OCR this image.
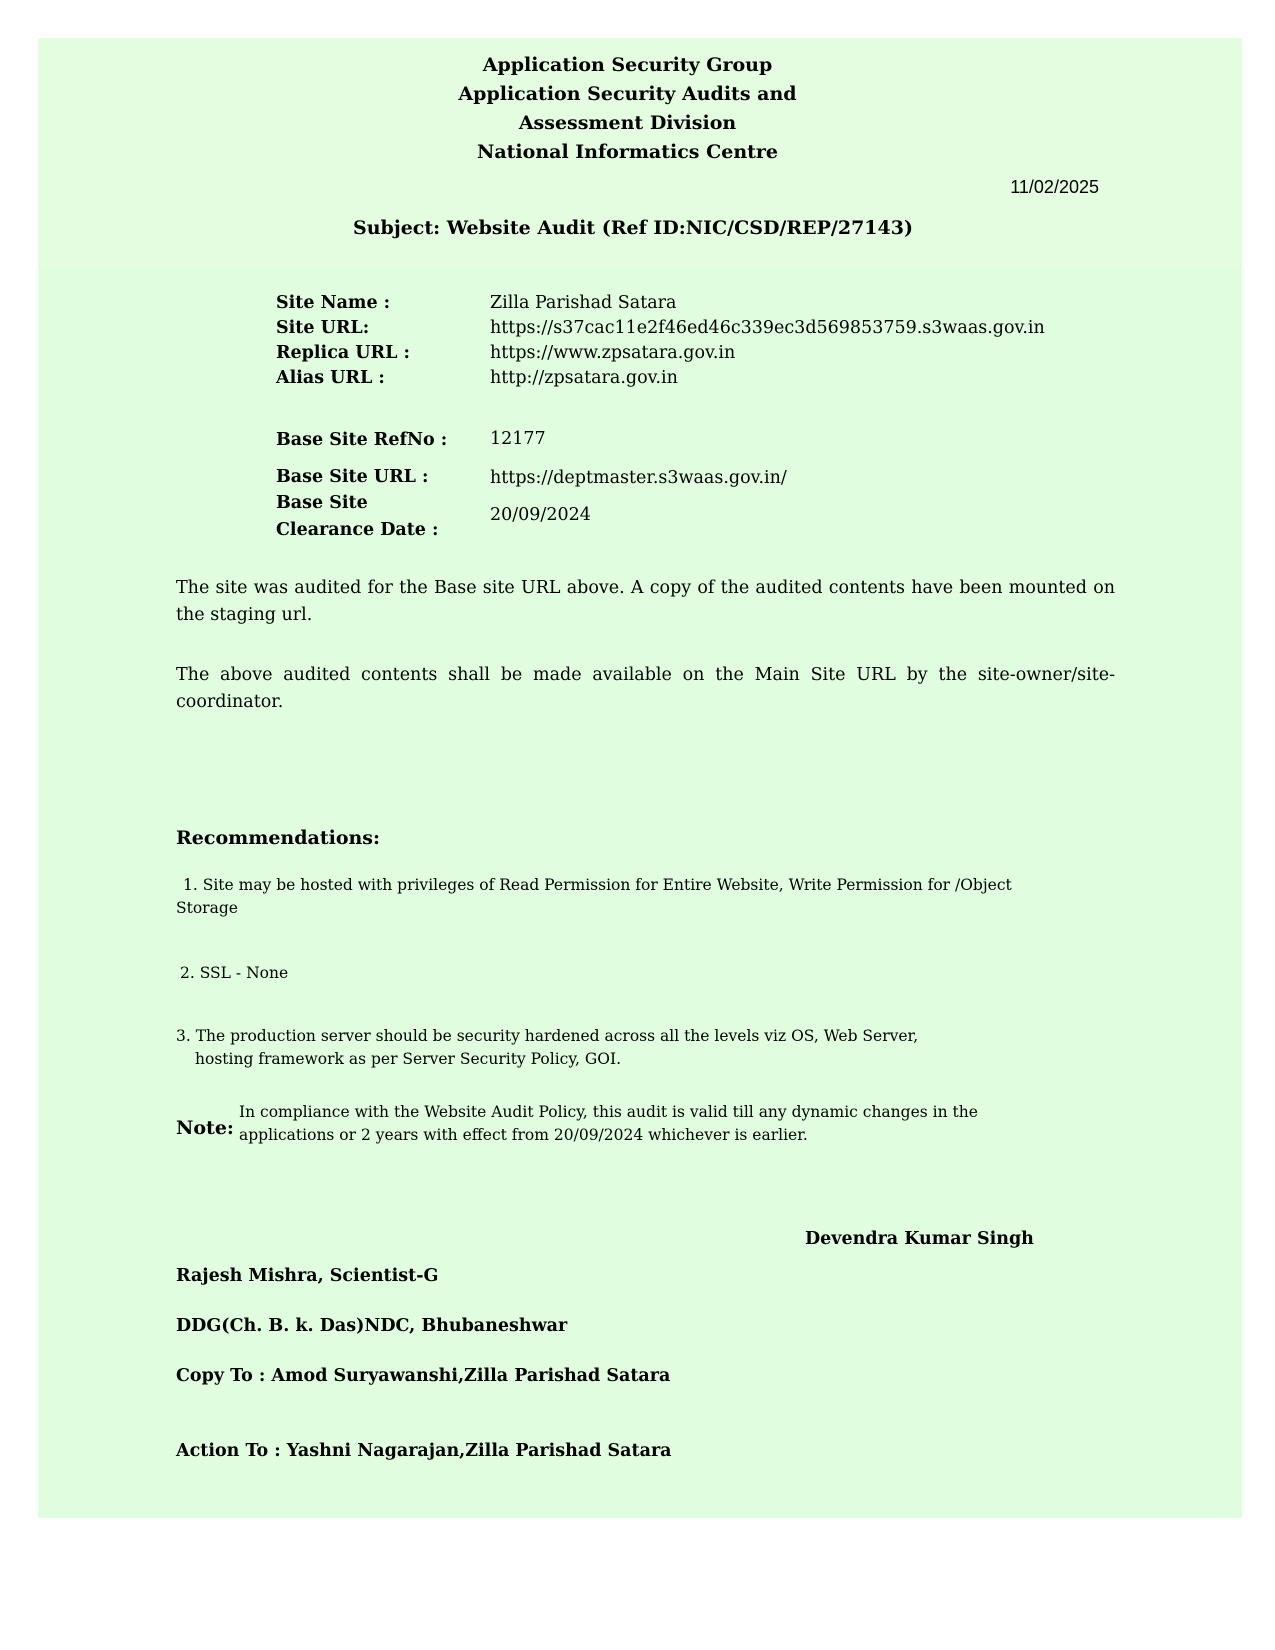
Application Security Group
Application Security Audits and
Assessment Division
National Informatics Centre
11/02/2025
Subject: Website Audit (Ref ID:NIC/CSD/REP/27143)
Site Name :	Zilla Parishad Satara
Site URL:	https://s37cac11e2f46ed46c339ec3d569853759.s3waas.gov.in
Replica URL :	https://www.zpsatara.gov.in
Alias URL :	http://zpsatara.gov.in
Base Site RefNo : 12177
Base Site URL :	https://deptmaster.s3waas.gov.in/
Base Site
Clearance Date :
20/09/2024
The site was audited for the Base site URL above. A copy of the audited contents have been mounted on the staging url.
The above audited contents shall be made available on the Main Site URL by the site-owner/site-coordinator.
Recommendations:
1. Site may be hosted with privileges of Read Permission for Entire Website, Write Permission for /Object
Storage
2. SSL - None
3. The production server should be security hardened across all the levels viz OS, Web Server,
hosting framework as per Server Security Policy, GOI.
Note:
In compliance with the Website Audit Policy, this audit is valid till any dynamic changes in the
applications or 2 years with effect from 20/09/2024 whichever is earlier.
Devendra Kumar Singh
Rajesh Mishra, Scientist-G
DDG(Ch. B. k. Das)NDC, Bhubaneshwar
Copy To : Amod Suryawanshi,Zilla Parishad Satara
Action To : Yashni Nagarajan,Zilla Parishad Satara
